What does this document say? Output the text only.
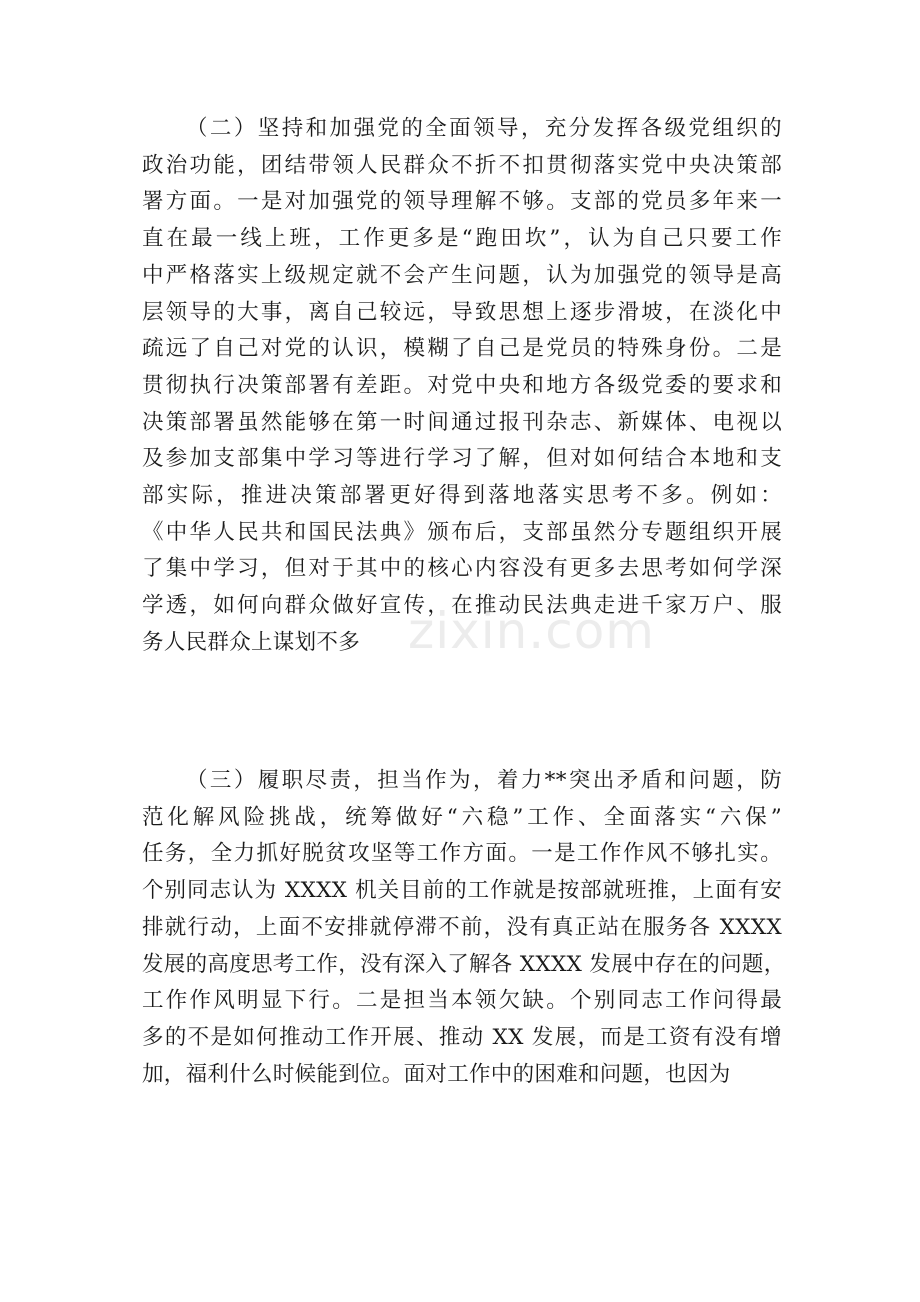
（二）坚持和加强党的全面领导，充分发挥各级党组织的
政治功能，团结带领人民群众不折不扣贯彻落实党中央决策部
署方面。一是对加强党的领导理解不够。支部的党员多年来一
直在最一线上班，工作更多是“跑田坎”，认为自己只要工作
中严格落实上级规定就不会产生问题，认为加强党的领导是高
层领导的大事，离自己较远，导致思想上逐步滑坡，在淡化中
疏远了自己对党的认识，模糊了自己是党员的特殊身份。二是
贯彻执行决策部署有差距。对党中央和地方各级党委的要求和
决策部署虽然能够在第一时间通过报刊杂志、新媒体、电视以
及参加支部集中学习等进行学习了解，但对如何结合本地和支
部实际，推进决策部署更好得到落地落实思考不多。例如：
《中华人民共和国民法典》颁布后，支部虽然分专题组织开展
了集中学习，但对于其中的核心内容没有更多去思考如何学深
学透，如何向群众做好宣传，在推动民法典走进千家万户、服
务人民群众上谋划不多
（三）履职尽责，担当作为，着力**突出矛盾和问题，防
范化解风险挑战，统筹做好“六稳”工作、全面落实“六保”
任务，全力抓好脱贫攻坚等工作方面。一是工作作风不够扎实。
个别同志认为 XXXX 机关目前的工作就是按部就班推，上面有安
排就行动，上面不安排就停滞不前，没有真正站在服务各 XXXX
发展的高度思考工作，没有深入了解各 XXXX 发展中存在的问题，
工作作风明显下行。二是担当本领欠缺。个别同志工作问得最
多的不是如何推动工作开展、推动 XX 发展，而是工资有没有增
加，福利什么时候能到位。面对工作中的困难和问题，也因为
zixin.com
